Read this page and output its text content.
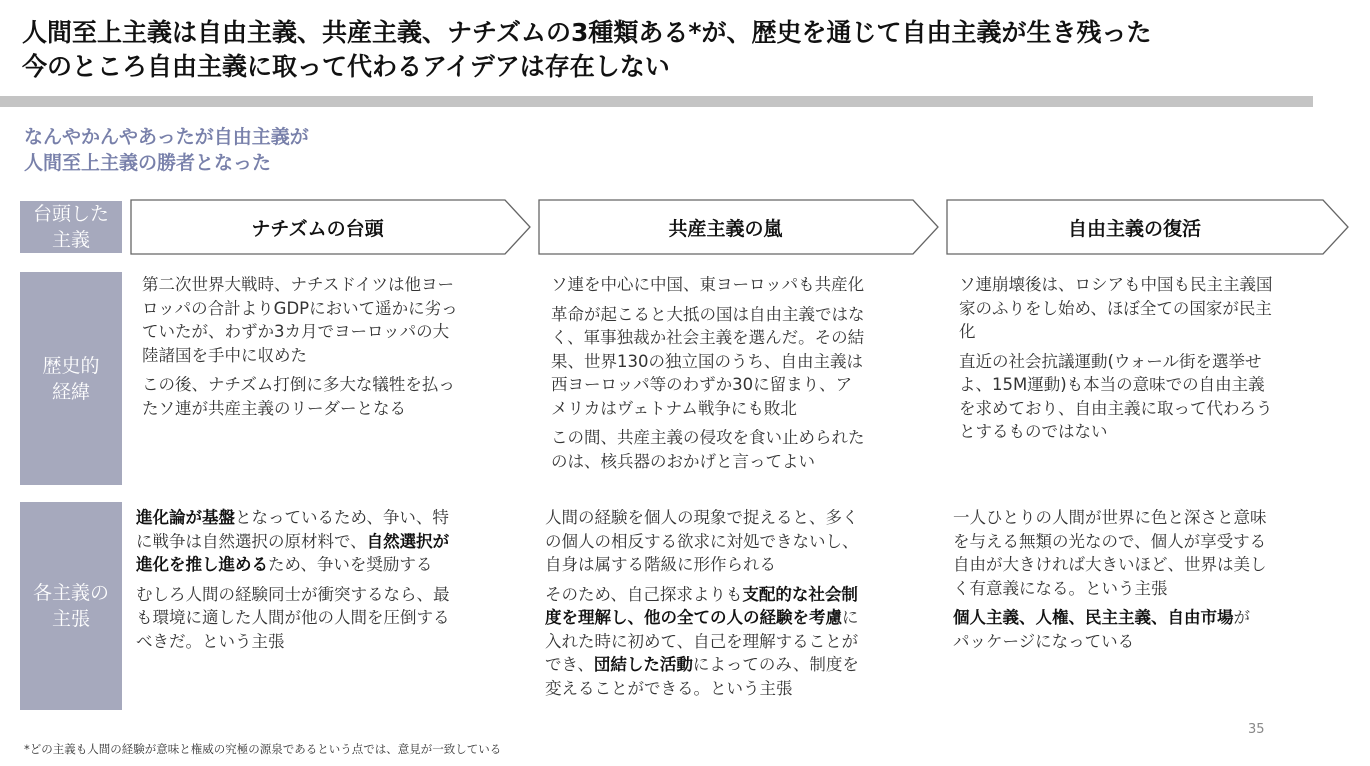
人間至上主義は自由主義、共産主義、ナチズムの3種類ある*が、歴史を通じて自由主義が生き残った
今のところ自由主義に取って代わるアイデアは存在しない
なんやかんやあったが自由主義が
人間至上主義の勝者となった
台頭した
主義
歴史的
経緯
各主義の
主張
ナチズムの台頭	共産主義の嵐	自由主義の復活

第二次世界大戦時、ナチスドイツは他ヨー
ロッパの合計よりGDPにおいて遥かに劣っ
ていたが、わずか3カ月でヨーロッパの大
陸諸国を手中に収めた

この後、ナチズム打倒に多大な犠牲を払っ
たソ連が共産主義のリーダーとなる

ソ連を中心に中国、東ヨーロッパも共産化

革命が起こると大抵の国は自由主義ではな
く、軍事独裁か社会主義を選んだ。その結
果、世界130の独立国のうち、自由主義は
西ヨーロッパ等のわずか30に留まり、ア
メリカはヴェトナム戦争にも敗北

この間、共産主義の侵攻を食い止められた
のは、核兵器のおかげと言ってよい

ソ連崩壊後は、ロシアも中国も民主主義国
家のふりをし始め、ほぼ全ての国家が民主
化

直近の社会抗議運動(ウォール街を選挙せ
よ、15M運動)も本当の意味での自由主義
を求めており、自由主義に取って代わろう
とするものではない

進化論が基盤となっているため、争い、特
に戦争は自然選択の原材料で、自然選択が
進化を推し進めるため、争いを奨励する

むしろ人間の経験同士が衝突するなら、最
も環境に適した人間が他の人間を圧倒する
べきだ。という主張

人間の経験を個人の現象で捉えると、多く
の個人の相反する欲求に対処できないし、
自身は属する階級に形作られる

そのため、自己探求よりも支配的な社会制
度を理解し、他の全ての人の経験を考慮に
入れた時に初めて、自己を理解することが
でき、団結した活動によってのみ、制度を
変えることができる。という主張

一人ひとりの人間が世界に色と深さと意味
を与える無類の光なので、個人が享受する
自由が大きければ大きいほど、世界は美し
く有意義になる。という主張

個人主義、人権、民主主義、自由市場が
パッケージになっている

35
*どの主義も人間の経験が意味と権威の究極の源泉であるという点では、意見が一致している
